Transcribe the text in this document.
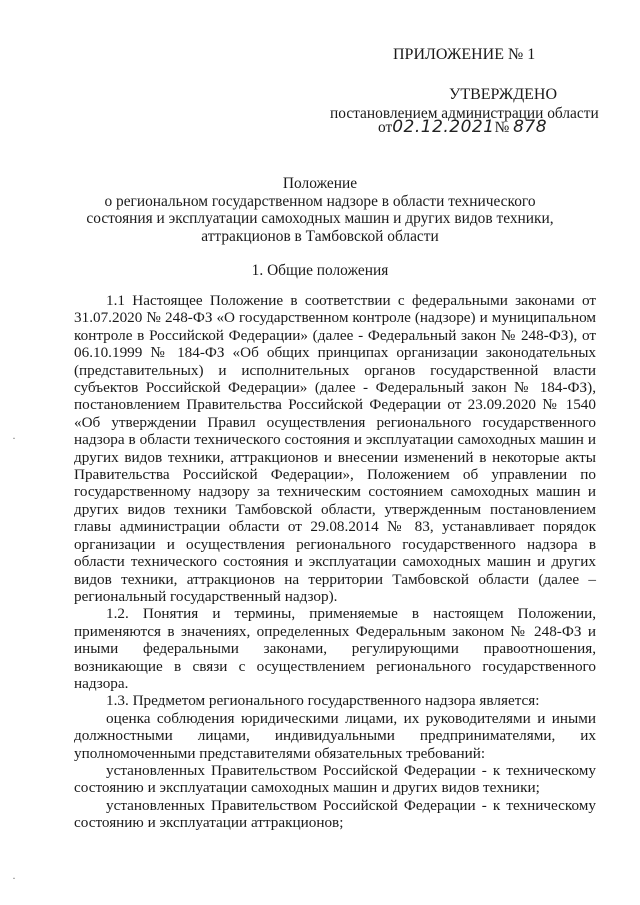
ПРИЛОЖЕНИЕ № 1
УТВЕРЖДЕНО
постановлением администрации области
от02.12.2021№ 878
Положение
о региональном государственном надзоре в области технического
состояния и эксплуатации самоходных машин и других видов техники,
аттракционов в Тамбовской области
1. Общие положения

1.1 Настоящее Положение в соответствии с федеральными законами от 31.07.2020 № 248-ФЗ «О государственном контроле (надзоре) и муниципальном контроле в Российской Федерации» (далее - Федеральный закон № 248-ФЗ), от 06.10.1999 № 184-ФЗ «Об общих принципах организации законодательных (представительных) и исполнительных органов государственной власти субъектов Российской Федерации» (далее - Федеральный закон № 184-ФЗ), постановлением Правительства Российской Федерации от 23.09.2020 № 1540 «Об утверждении Правил осуществления регионального государственного надзора в области технического состояния и эксплуатации самоходных машин и других видов техники, аттракционов и внесении изменений в некоторые акты Правительства Российской Федерации», Положением об управлении по государственному надзору за техническим состоянием самоходных машин и других видов техники Тамбовской области, утвержденным постановлением главы администрации области от 29.08.2014 № 83, устанавливает порядок организации и осуществления регионального государственного надзора в области технического состояния и эксплуатации самоходных машин и других видов техники, аттракционов на территории Тамбовской области (далее – региональный государственный надзор).

1.2. Понятия и термины, применяемые в настоящем Положении, применяются в значениях, определенных Федеральным законом № 248-ФЗ и иными федеральными законами, регулирующими правоотношения, возникающие в связи с осуществлением регионального государственного надзора.

1.3. Предметом регионального государственного надзора является:

оценка соблюдения юридическими лицами, их руководителями и иными должностными лицами, индивидуальными предпринимателями, их уполномоченными представителями обязательных требований:

установленных Правительством Российской Федерации - к техническому состоянию и эксплуатации самоходных машин и других видов техники;

установленных Правительством Российской Федерации - к техническому состоянию и эксплуатации аттракционов;

·
·
